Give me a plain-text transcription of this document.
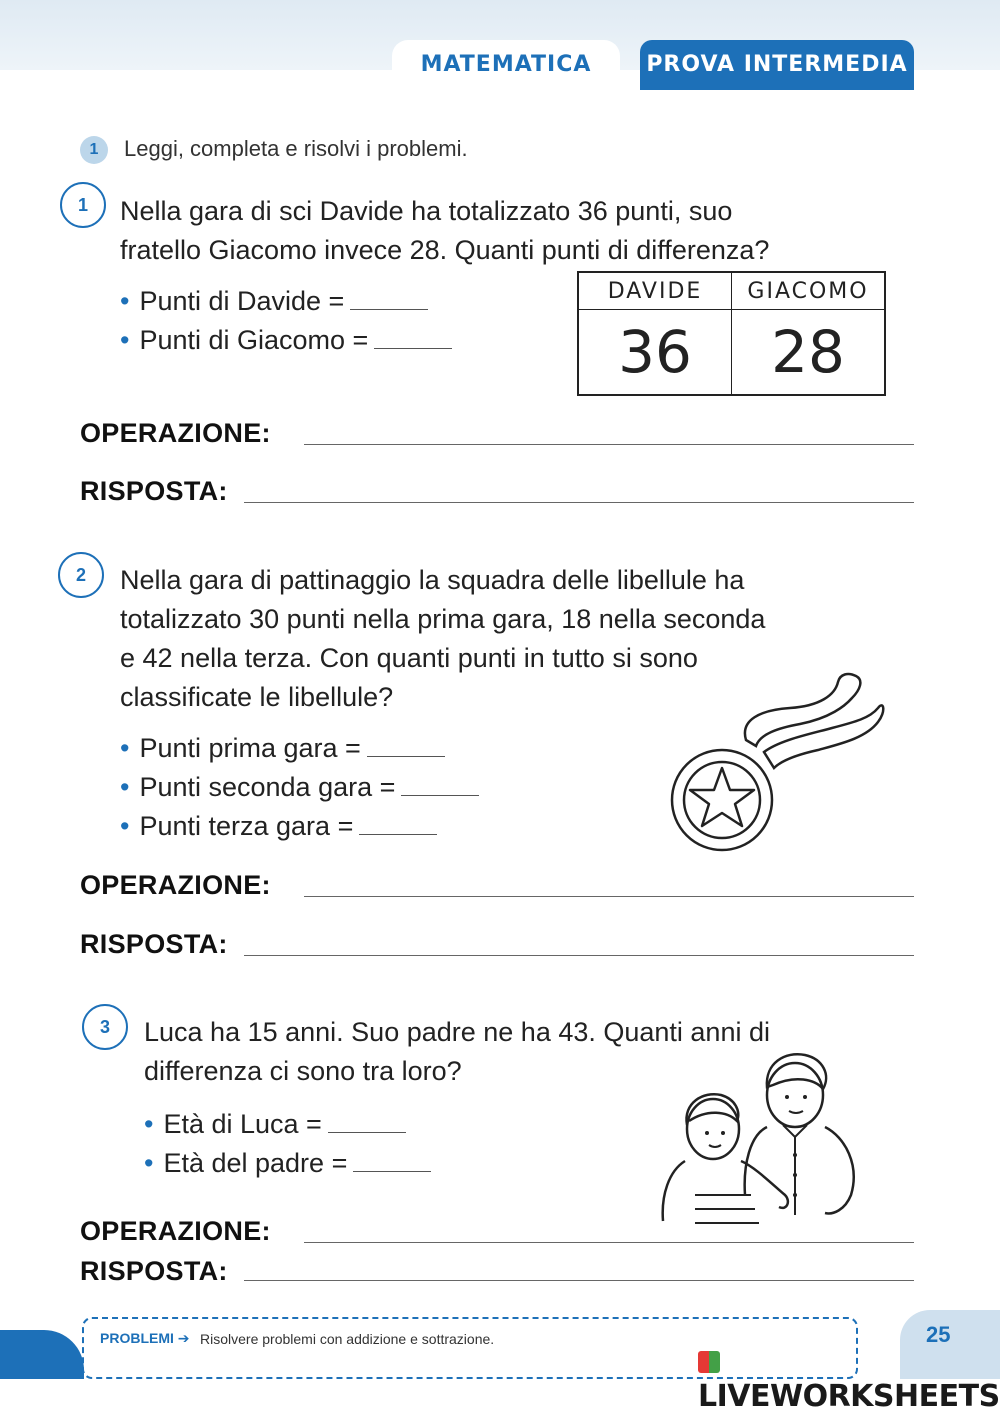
MATEMATICA	PROVA INTERMEDIA
1	Leggi, completa e risolvi i problemi.
1	Nella gara di sci Davide ha totalizzato 36 punti, suo
fratello Giacomo invece 28. Quanti punti di differenza?
• Punti di Davide =
• Punti di Giacomo =
DAVIDE	GIACOMO
36	28
OPERAZIONE:
RISPOSTA:
2	Nella gara di pattinaggio la squadra delle libellule ha
totalizzato 30 punti nella prima gara, 18 nella seconda
e 42 nella terza. Con quanti punti in tutto si sono
classificate le libellule?
• Punti prima gara =
• Punti seconda gara =
• Punti terza gara =
OPERAZIONE:
RISPOSTA:
3	Luca ha 15 anni. Suo padre ne ha 43. Quanti anni di
differenza ci sono tra loro?
• Età di Luca =
• Età del padre =
OPERAZIONE:
RISPOSTA:
PROBLEMI ➔ Risolvere problemi con addizione e sottrazione.	25
LIVEWORKSHEETS
